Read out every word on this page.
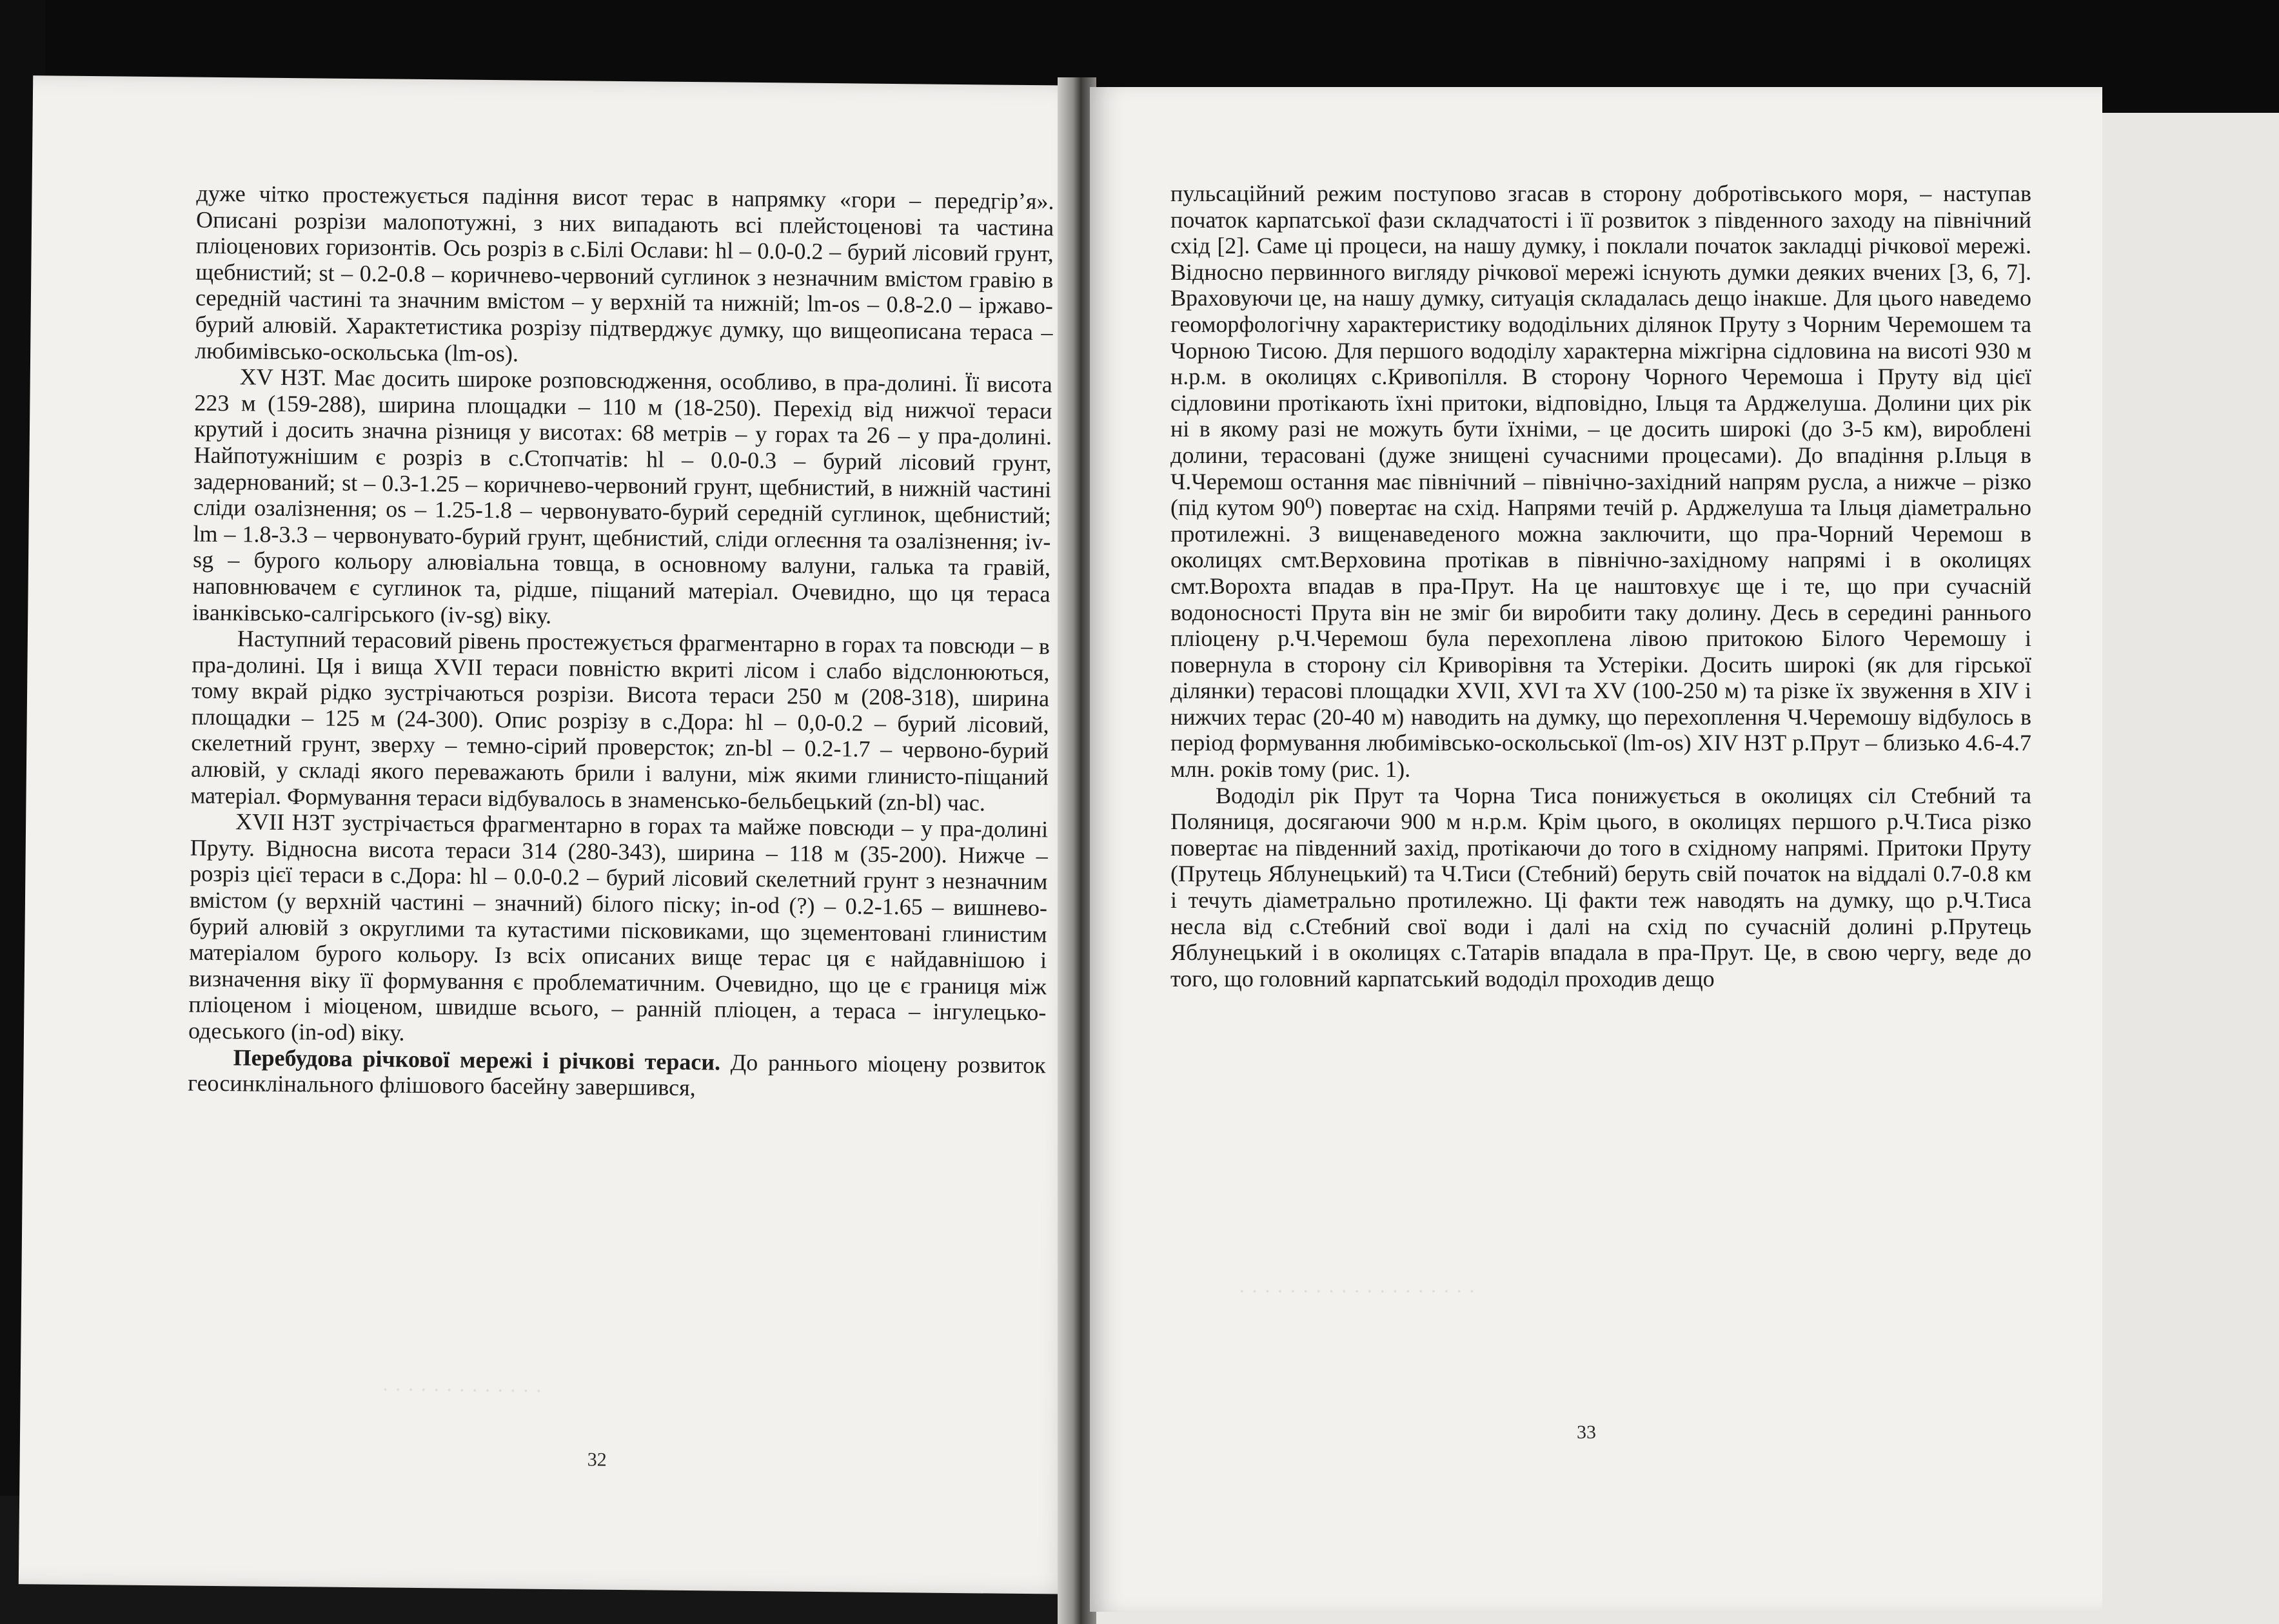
· · · · · · · · · · · · ·

дуже чітко простежується падіння висот терас в напрямку «гори – передгір’я». Описані розрізи малопотужні, з них випадають всі плейстоценові та частина пліоценових горизонтів. Ось розріз в с.Білі Ослави: hl – 0.0-0.2 – бурий лісовий грунт, щебнистий; st – 0.2-0.8 – коричнево-червоний суглинок з незначним вмістом гравію в середній частині та значним вмістом – у верхній та нижній; lm-os – 0.8-2.0 – іржаво-бурий алювій. Характетистика розрізу підтверджує думку, що вищеописана тераса – любимівсько-оскольська (lm-os).

XV НЗТ. Має досить широке розповсюдження, особливо, в пра-долині. Її висота 223 м (159-288), ширина площадки – 110 м (18-250). Перехід від нижчої тераси крутий і досить значна різниця у висотах: 68 метрів – у горах та 26 – у пра-долині. Найпотужнішим є розріз в с.Стопчатів: hl – 0.0-0.3 – бурий лісовий грунт, задернований; st – 0.3-1.25 – коричнево-червоний грунт, щебнистий, в нижній частині сліди озалізнення; os – 1.25-1.8 – червонувато-бурий середній суглинок, щебнистий; lm – 1.8-3.3 – червонувато-бурий грунт, щебнистий, сліди оглеєння та озалізнення; iv-sg – бурого кольору алювіальна товща, в основному валуни, галька та гравій, наповнювачем є суглинок та, рідше, піщаний матеріал. Очевидно, що ця тераса іванківсько-салгірського (iv-sg) віку.

Наступний терасовий рівень простежується фрагментарно в горах та повсюди – в пра-долині. Ця і вища XVII тераси повністю вкриті лісом і слабо відслонюються, тому вкрай рідко зустрічаються розрізи. Висота тераси 250 м (208-318), ширина площадки – 125 м (24-300). Опис розрізу в с.Дора: hl – 0,0-0.2 – бурий лісовий, скелетний грунт, зверху – темно-сірий проверсток; zn-bl – 0.2-1.7 – червоно-бурий алювій, у складі якого переважають брили і валуни, між якими глинисто-піщаний матеріал. Формування тераси відбувалось в знаменсько-бельбецький (zn-bl) час.

XVII НЗТ зустрічається фрагментарно в горах та майже повсюди – у пра-долині Пруту. Відносна висота тераси 314 (280-343), ширина – 118 м (35-200). Нижче – розріз цієї тераси в с.Дора: hl – 0.0-0.2 – бурий лісовий скелетний грунт з незначним вмістом (у верхній частині – значний) білого піску; in-od (?) – 0.2-1.65 – вишнево-бурий алювій з округлими та кутастими пісковиками, що зцементовані глинистим матеріалом бурого кольору. Із всіх описаних вище терас ця є найдавнішою і визначення віку її формування є проблематичним. Очевидно, що це є границя між пліоценом і міоценом, швидше всього, – ранній пліоцен, а тераса – інгулецько-одеського (in-od) віку.

Перебудова річкової мережі і річкові тераси. До раннього міоцену розвиток геосинклінального флішового басейну завершився,

32
· · · · · · · · · · · · · · · · · · ·

пульсаційний режим поступово згасав в сторону добротівського моря, – наступав початок карпатської фази складчатості і її розвиток з південного заходу на північний схід [2]. Саме ці процеси, на нашу думку, і поклали початок закладці річкової мережі. Відносно первинного вигляду річкової мережі існують думки деяких вчених [3, 6, 7]. Враховуючи це, на нашу думку, ситуація складалась дещо інакше. Для цього наведемо геоморфологічну характеристику вододільних ділянок Пруту з Чорним Черемошем та Чорною Тисою. Для першого вододілу характерна міжгірна сідловина на висоті 930 м н.р.м. в околицях с.Кривопілля. В сторону Чорного Черемоша і Пруту від цієї сідловини протікають їхні притоки, відповідно, Ільця та Арджелуша. Долини цих рік ні в якому разі не можуть бути їхніми, – це досить широкі (до 3-5 км), вироблені долини, терасовані (дуже знищені сучасними процесами). До впадіння р.Ільця в Ч.Черемош остання має північний – північно-західний напрям русла, а нижче – різко (під кутом 90⁰) повертає на схід. Напрями течій р. Арджелуша та Ільця діаметрально протилежні. З вищенаведеного можна заключити, що пра-Чорний Черемош в околицях смт.Верховина протікав в північно-західному напрямі і в околицях смт.Ворохта впадав в пра-Прут. На це наштовхує ще і те, що при сучасній водоносності Прута він не зміг би виробити таку долину. Десь в середині раннього пліоцену р.Ч.Черемош була перехоплена лівою притокою Білого Черемошу і повернула в сторону сіл Криворівня та Устеріки. Досить широкі (як для гірської ділянки) терасові площадки XVII, XVI та XV (100-250 м) та різке їх звуження в XIV і нижчих терас (20-40 м) наводить на думку, що перехоплення Ч.Черемошу відбулось в період формування любимівсько-оскольської (lm-os) XIV НЗТ р.Прут – близько 4.6-4.7 млн. років тому (рис. 1).

Вододіл рік Прут та Чорна Тиса понижується в околицях сіл Стебний та Поляниця, досягаючи 900 м н.р.м. Крім цього, в околицях першого р.Ч.Тиса різко повертає на південний захід, протікаючи до того в східному напрямі. Притоки Пруту (Прутець Яблунецький) та Ч.Тиси (Стебний) беруть свій початок на віддалі 0.7-0.8 км і течуть діаметрально протилежно. Ці факти теж наводять на думку, що р.Ч.Тиса несла від с.Стебний свої води і далі на схід по сучасній долині р.Прутець Яблунецький і в околицях с.Татарів впадала в пра-Прут. Це, в свою чергу, веде до того, що головний карпатський вододіл проходив дещо

33
